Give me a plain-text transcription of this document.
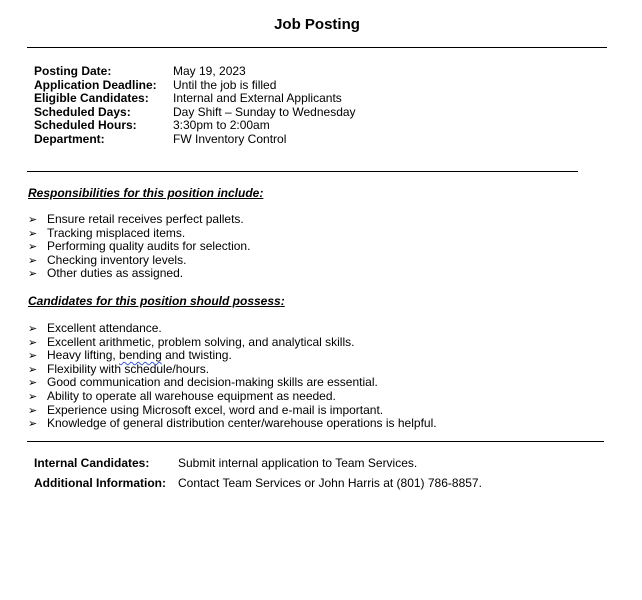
Job Posting
Posting Date:	May 19, 2023
Application Deadline: Until the job is filled
Eligible Candidates: Internal and External Applicants
Scheduled Days:	Day Shift – Sunday to Wednesday
Scheduled Hours:	3:30pm to 2:00am
Department:	FW Inventory Control
Responsibilities for this position include:
➢ Ensure retail receives perfect pallets.
➢ Tracking misplaced items.
➢ Performing quality audits for selection.
➢ Checking inventory levels.
➢ Other duties as assigned.
Candidates for this position should possess:
➢ Excellent attendance.
➢ Excellent arithmetic, problem solving, and analytical skills.
➢ Heavy lifting, bending and twisting.
➢ Flexibility with schedule/hours.
➢ Good communication and decision-making skills are essential.
➢ Ability to operate all warehouse equipment as needed.
➢ Experience using Microsoft excel, word and e-mail is important.
➢ Knowledge of general distribution center/warehouse operations is helpful.
Internal Candidates: Submit internal application to Team Services.
Additional Information: Contact Team Services or John Harris at (801) 786-8857.
